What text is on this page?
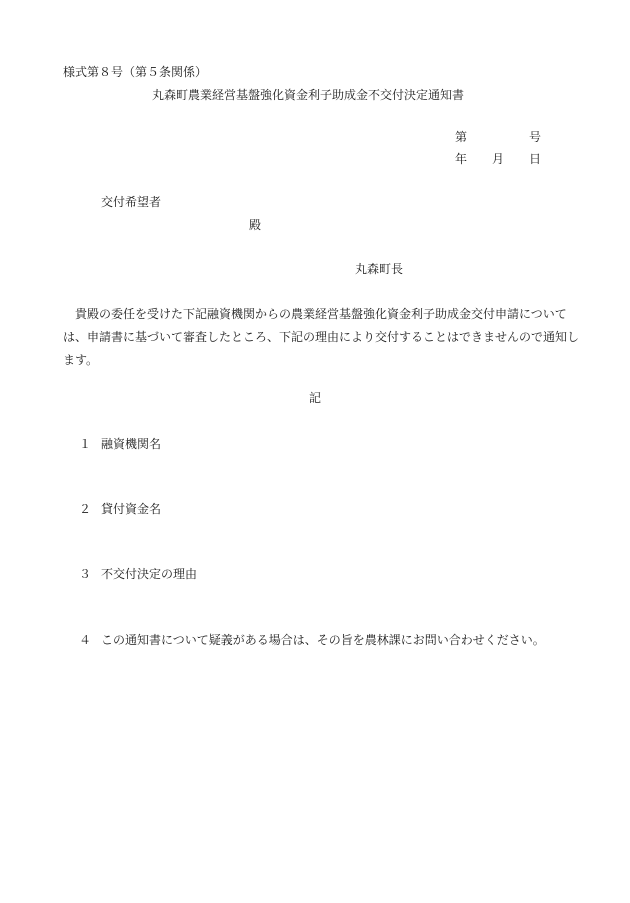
様式第８号（第５条関係）
丸森町農業経営基盤強化資金利子助成金不交付決定通知書
第	号
年 月 日
交付希望者
殿
丸森町長
貴殿の委任を受けた下記融資機関からの農業経営基盤強化資金利子助成金交付申請については、申請書に基づいて審査したところ、下記の理由により交付することはできませんので通知します。
記
１ 融資機関名
２ 貸付資金名
３ 不交付決定の理由
４ この通知書について疑義がある場合は、その旨を農林課にお問い合わせください。
